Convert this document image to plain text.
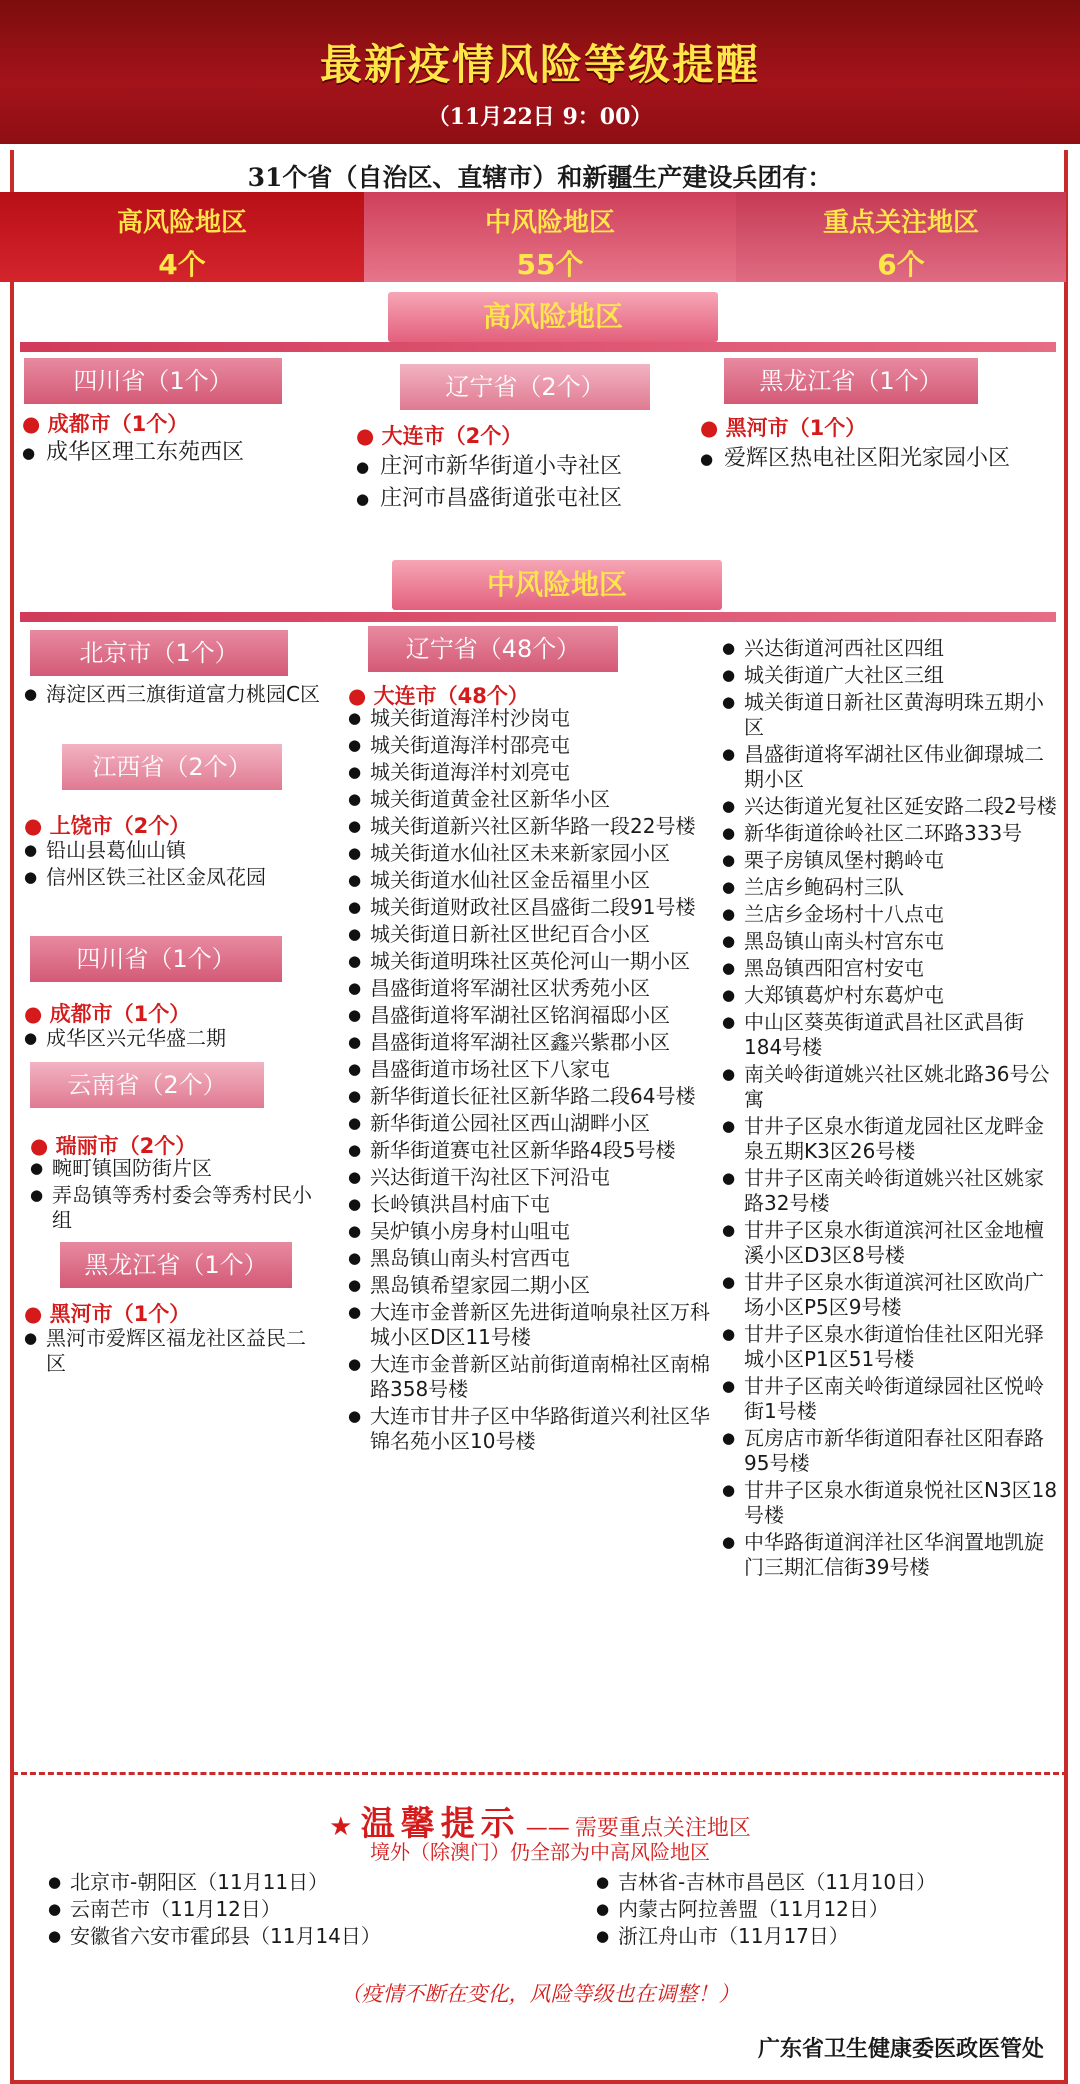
最新疫情风险等级提醒
（11月22日 9：00）
31个省（自治区、直辖市）和新疆生产建设兵团有：
高风险地区
4个
中风险地区
55个
重点关注地区
6个
高风险地区
四川省（1个）
● 成都市（1个）
● 成华区理工东苑西区
辽宁省（2个）
● 大连市（2个）
● 庄河市新华街道小寺社区
● 庄河市昌盛街道张屯社区
黑龙江省（1个）
● 黑河市（1个）
● 爱辉区热电社区阳光家园小区
中风险地区
北京市（1个）
● 海淀区西三旗街道富力桃园C区
江西省（2个）
● 上饶市（2个）
● 铅山县葛仙山镇
● 信州区铁三社区金凤花园
四川省（1个）
● 成都市（1个）
● 成华区兴元华盛二期
云南省（2个）
● 瑞丽市（2个）
● 畹町镇国防街片区
● 弄岛镇等秀村委会等秀村民小组
黑龙江省（1个）
● 黑河市（1个）
● 黑河市爱辉区福龙社区益民二区
辽宁省（48个）
● 大连市（48个）
● 城关街道海洋村沙岗屯
● 城关街道海洋村邵亮屯
● 城关街道海洋村刘亮屯
● 城关街道黄金社区新华小区
● 城关街道新兴社区新华路一段22号楼
● 城关街道水仙社区未来新家园小区
● 城关街道水仙社区金岳福里小区
● 城关街道财政社区昌盛街二段91号楼
● 城关街道日新社区世纪百合小区
● 城关街道明珠社区英伦河山一期小区
● 昌盛街道将军湖社区状秀苑小区
● 昌盛街道将军湖社区铭润福邸小区
● 昌盛街道将军湖社区鑫兴紫郡小区
● 昌盛街道市场社区下八家屯
● 新华街道长征社区新华路二段64号楼
● 新华街道公园社区西山湖畔小区
● 新华街道赛屯社区新华路4段5号楼
● 兴达街道干沟社区下河沿屯
● 长岭镇洪昌村庙下屯
● 吴炉镇小房身村山咀屯
● 黑岛镇山南头村宫西屯
● 黑岛镇希望家园二期小区
● 大连市金普新区先进街道响泉社区万科城小区D区11号楼
● 大连市金普新区站前街道南棉社区南棉路358号楼
● 大连市甘井子区中华路街道兴利社区华锦名苑小区10号楼
● 兴达街道河西社区四组
● 城关街道广大社区三组
● 城关街道日新社区黄海明珠五期小区
● 昌盛街道将军湖社区伟业御璟城二期小区
● 兴达街道光复社区延安路二段2号楼
● 新华街道徐岭社区二环路333号
● 栗子房镇凤堡村鹅岭屯
● 兰店乡鲍码村三队
● 兰店乡金场村十八点屯
● 黑岛镇山南头村宫东屯
● 黑岛镇西阳宫村安屯
● 大郑镇葛炉村东葛炉屯
● 中山区葵英街道武昌社区武昌街184号楼
● 南关岭街道姚兴社区姚北路36号公寓
● 甘井子区泉水街道龙园社区龙畔金泉五期K3区26号楼
● 甘井子区南关岭街道姚兴社区姚家路32号楼
● 甘井子区泉水街道滨河社区金地檀溪小区D3区8号楼
● 甘井子区泉水街道滨河社区欧尚广场小区P5区9号楼
● 甘井子区泉水街道怡佳社区阳光驿城小区P1区51号楼
● 甘井子区南关岭街道绿园社区悦岭街1号楼
● 瓦房店市新华街道阳春社区阳春路95号楼
● 甘井子区泉水街道泉悦社区N3区18号楼
● 中华路街道润洋社区华润置地凯旋门三期汇信街39号楼
★ 温馨提示 —— 需要重点关注地区
境外（除澳门）仍全部为中高风险地区
● 北京市-朝阳区（11月11日）
● 云南芒市（11月12日）
● 安徽省六安市霍邱县（11月14日）
● 吉林省-吉林市昌邑区（11月10日）
● 内蒙古阿拉善盟（11月12日）
● 浙江舟山市（11月17日）
（疫情不断在变化，风险等级也在调整！）
广东省卫生健康委医政医管处
